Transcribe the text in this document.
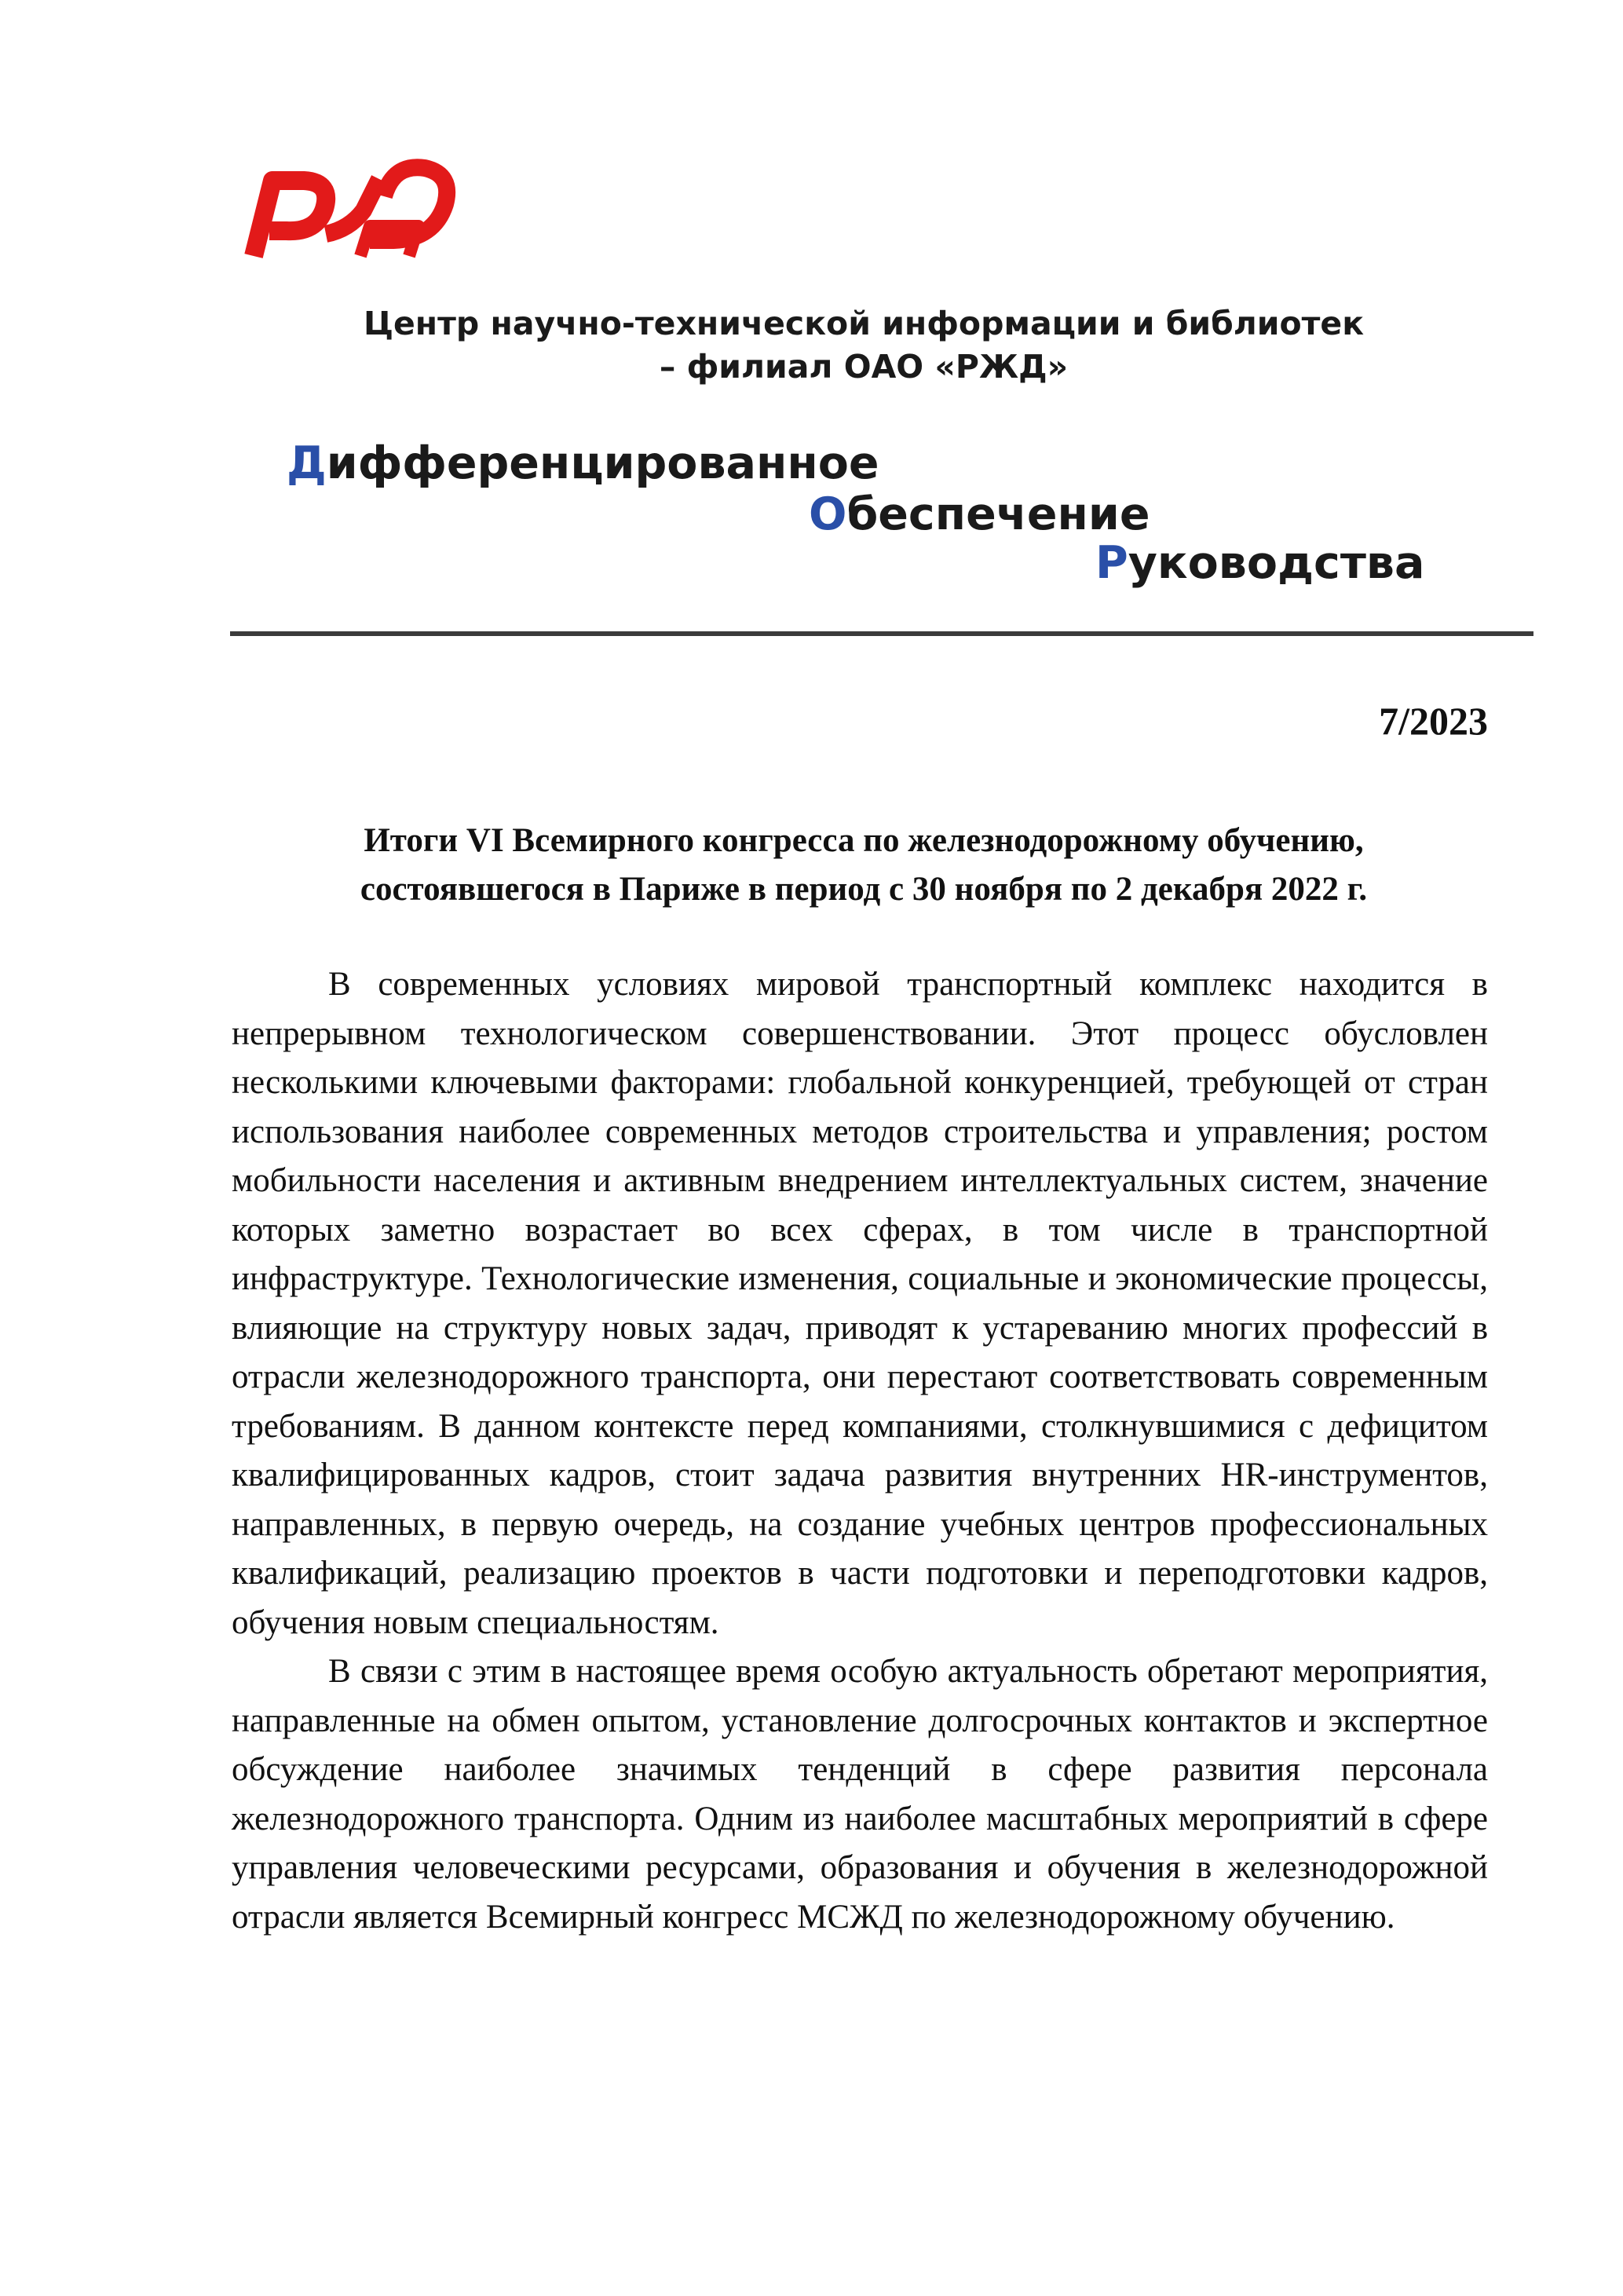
Центр научно-технической информации и библиотек
– филиал ОАО «РЖД»
Дифференцированное
Обеспечение
Руководства
7/2023
Итоги VI Всемирного конгресса по железнодорожному обучению,
состоявшегося в Париже в период с 30 ноября по 2 декабря 2022 г.

В современных условиях мировой транспортный комплекс находится в непрерывном технологическом совершенствовании. Этот процесс обусловлен несколькими ключевыми факторами: глобальной конкуренцией, требующей от стран использования наиболее современных методов строительства и управления; ростом мобильности населения и активным внедрением интеллектуальных систем, значение которых заметно возрастает во всех сферах, в том числе в транспортной инфраструктуре. Технологические изменения, социальные и экономические процессы, влияющие на структуру новых задач, приводят к устареванию многих профессий в отрасли железнодорожного транспорта, они перестают соответствовать современным требованиям. В данном контексте перед компаниями, столкнувшимися с дефицитом квалифицированных кадров, стоит задача развития внутренних HR-инструментов, направленных, в первую очередь, на создание учебных центров профессиональных квалификаций, реализацию проектов в части подготовки и переподготовки кадров, обучения новым специальностям.

В связи с этим в настоящее время особую актуальность обретают мероприятия, направленные на обмен опытом, установление долгосрочных контактов и экспертное обсуждение наиболее значимых тенденций в сфере развития персонала железнодорожного транспорта. Одним из наиболее масштабных мероприятий в сфере управления человеческими ресурсами, образования и обучения в железнодорожной отрасли является Всемирный конгресс МСЖД по железнодорожному обучению.
